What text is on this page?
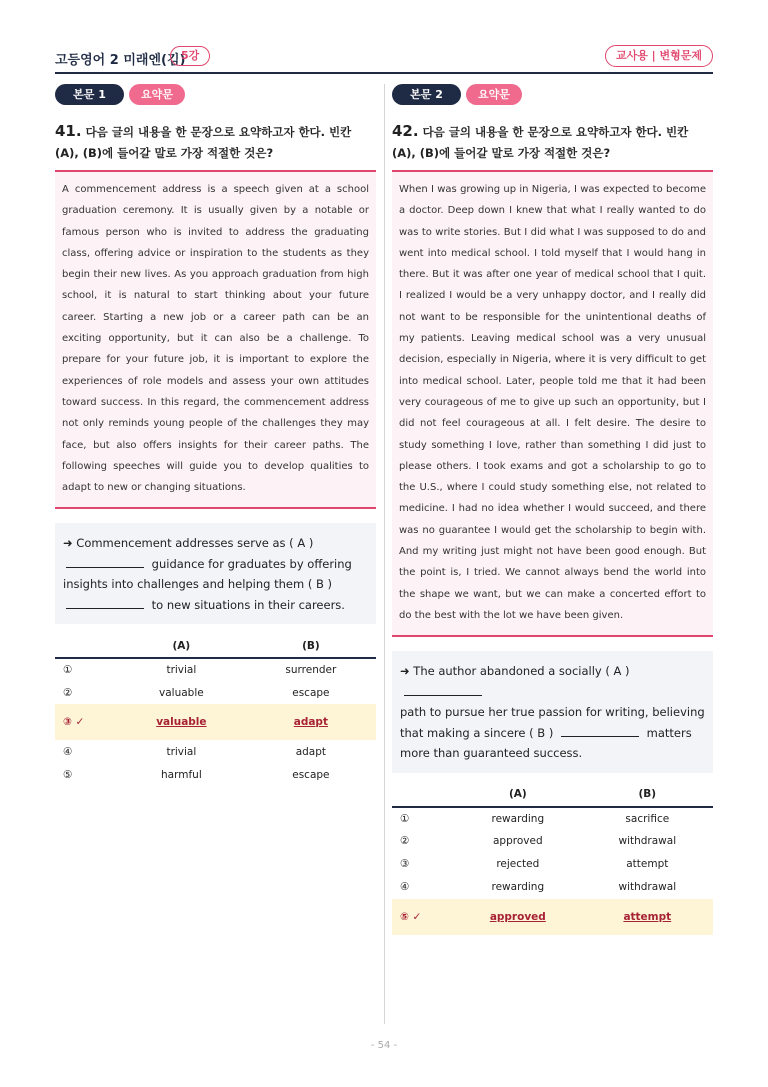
고등영어 2 미래엔(김)
5강	교사용 | 변형문제
본문 1	요약문
41. 다음 글의 내용을 한 문장으로 요약하고자 한다. 빈칸 (A), (B)에 들어갈 말로 가장 적절한 것은?
A commencement address is a speech given at a school graduation ceremony. It is usually given by a notable or famous person who is invited to address the graduating class, offering advice or inspiration to the students as they begin their new lives. As you approach graduation from high school, it is natural to start thinking about your future career. Starting a new job or a career path can be an exciting opportunity, but it can also be a challenge. To prepare for your future job, it is important to explore the experiences of role models and assess your own attitudes toward success. In this regard, the commencement address not only reminds young people of the challenges they may face, but also offers insights for their career paths. The following speeches will guide you to develop qualities to adapt to new or changing situations.
➜ Commencement addresses serve as ( A )
guidance for graduates by offering insights into challenges and helping them ( B )
to new situations in their careers.
	(A)	(B)
①	trivial	surrender
②	valuable	escape
③ ✓	valuable	adapt
④	trivial	adapt
⑤	harmful	escape
본문 2	요약문
42. 다음 글의 내용을 한 문장으로 요약하고자 한다. 빈칸 (A), (B)에 들어갈 말로 가장 적절한 것은?
When I was growing up in Nigeria, I was expected to become a doctor. Deep down I knew that what I really wanted to do was to write stories. But I did what I was supposed to do and went into medical school. I told myself that I would hang in there. But it was after one year of medical school that I quit. I realized I would be a very unhappy doctor, and I really did not want to be responsible for the unintentional deaths of my patients. Leaving medical school was a very unusual decision, especially in Nigeria, where it is very difficult to get into medical school. Later, people told me that it had been very courageous of me to give up such an opportunity, but I did not feel courageous at all. I felt desire. The desire to study something I love, rather than something I did just to please others. I took exams and got a scholarship to go to the U.S., where I could study something else, not related to medicine. I had no idea whether I would succeed, and there was no guarantee I would get the scholarship to begin with. And my writing just might not have been good enough. But the point is, I tried. We cannot always bend the world into the shape we want, but we can make a concerted effort to do the best with the lot we have been given.
➜ The author abandoned a socially ( A )
path to pursue her true passion for writing, believing that making a sincere ( B )	matters more than guaranteed success.
	(A)	(B)
①	rewarding	sacrifice
②	approved	withdrawal
③	rejected	attempt
④	rewarding	withdrawal
⑤ ✓	approved	attempt
- 54 -
